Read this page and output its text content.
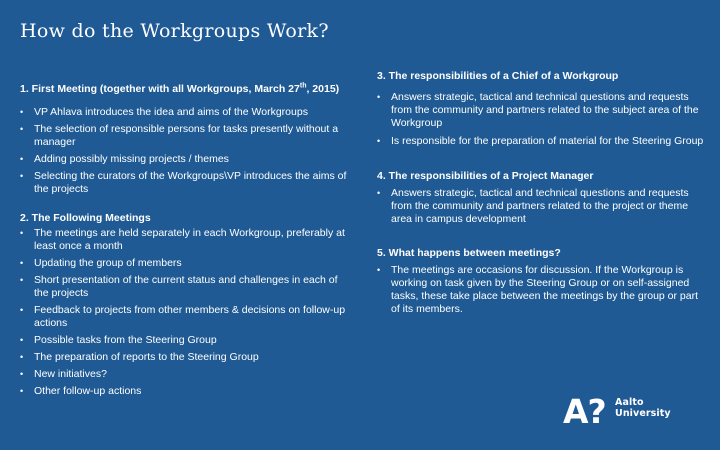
How do the Workgroups Work?

1. First Meeting (together with all Workgroups, March 27th, 2015)

• VP Ahlava introduces the idea and aims of the Workgroups
• The selection of responsible persons for tasks presently without a manager
• Adding possibly missing projects / themes
• Selecting the curators of the Workgroups\VP introduces the aims of the projects

2. The Following Meetings

• The meetings are held separately in each Workgroup, preferably at least once a month
• Updating the group of members
• Short presentation of the current status and challenges in each of the projects
• Feedback to projects from other members & decisions on follow-up actions
• Possible tasks from the Steering Group
• The preparation of reports to the Steering Group
• New initiatives?
• Other follow-up actions

3. The responsibilities of a Chief of a Workgroup

• Answers strategic, tactical and technical questions and requests from the community and partners related to the subject area of the Workgroup
• Is responsible for the preparation of material for the Steering Group

4. The responsibilities of a Project Manager

• Answers strategic, tactical and technical questions and requests from the community and partners related to the project or theme area in campus development

5. What happens between meetings?

• The meetings are occasions for discussion. If the Workgroup is working on task given by the Steering Group or on self-assigned tasks, these take place between the meetings by the group or part of its members.
A? Aalto University
